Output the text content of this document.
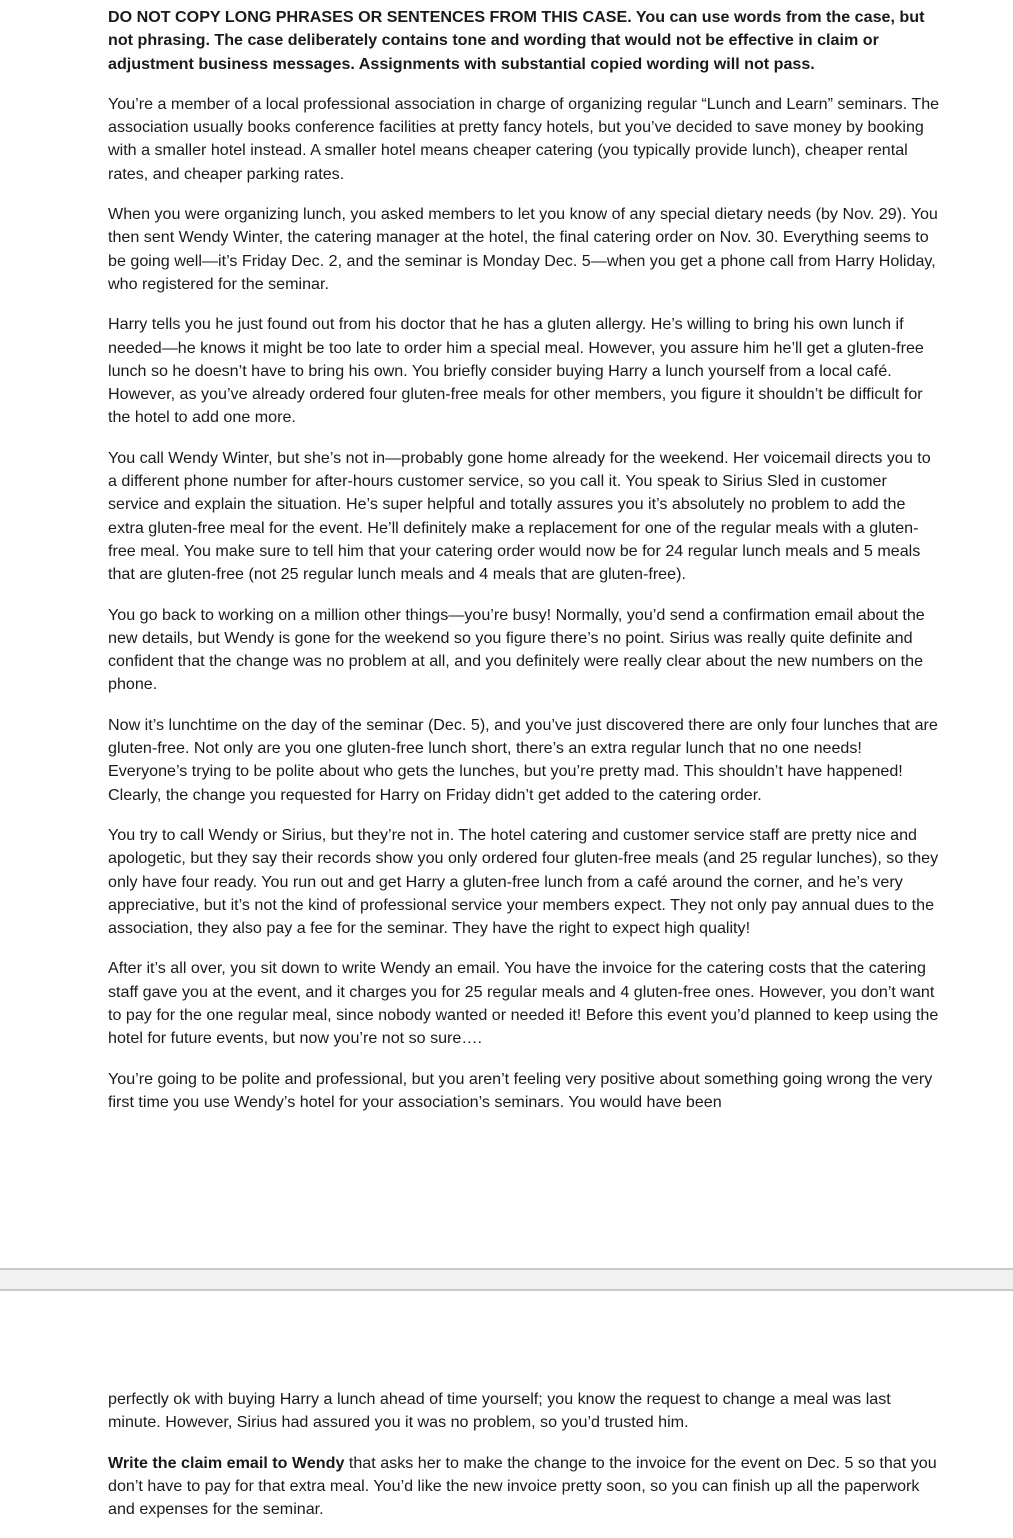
DO NOT COPY LONG PHRASES OR SENTENCES FROM THIS CASE. You can use words from the case, but not phrasing. The case deliberately contains tone and wording that would not be effective in claim or adjustment business messages. Assignments with substantial copied wording will not pass.

You’re a member of a local professional association in charge of organizing regular “Lunch and Learn” seminars. The association usually books conference facilities at pretty fancy hotels, but you’ve decided to save money by booking with a smaller hotel instead. A smaller hotel means cheaper catering (you typically provide lunch), cheaper rental rates, and cheaper parking rates.

When you were organizing lunch, you asked members to let you know of any special dietary needs (by Nov. 29). You then sent Wendy Winter, the catering manager at the hotel, the final catering order on Nov. 30. Everything seems to be going well—it’s Friday Dec. 2, and the seminar is Monday Dec. 5—when you get a phone call from Harry Holiday, who registered for the seminar.

Harry tells you he just found out from his doctor that he has a gluten allergy. He’s willing to bring his own lunch if needed—he knows it might be too late to order him a special meal. However, you assure him he’ll get a gluten-free lunch so he doesn’t have to bring his own. You briefly consider buying Harry a lunch yourself from a local café. However, as you’ve already ordered four gluten-free meals for other members, you figure it shouldn’t be difficult for the hotel to add one more.

You call Wendy Winter, but she’s not in—probably gone home already for the weekend. Her voicemail directs you to a different phone number for after-hours customer service, so you call it. You speak to Sirius Sled in customer service and explain the situation. He’s super helpful and totally assures you it’s absolutely no problem to add the extra gluten-free meal for the event. He’ll definitely make a replacement for one of the regular meals with a gluten-free meal. You make sure to tell him that your catering order would now be for 24 regular lunch meals and 5 meals that are gluten-free (not 25 regular lunch meals and 4 meals that are gluten-free).

You go back to working on a million other things—you’re busy! Normally, you’d send a confirmation email about the new details, but Wendy is gone for the weekend so you figure there’s no point. Sirius was really quite definite and confident that the change was no problem at all, and you definitely were really clear about the new numbers on the phone.

Now it’s lunchtime on the day of the seminar (Dec. 5), and you’ve just discovered there are only four lunches that are gluten-free. Not only are you one gluten-free lunch short, there’s an extra regular lunch that no one needs! Everyone’s trying to be polite about who gets the lunches, but you’re pretty mad. This shouldn’t have happened! Clearly, the change you requested for Harry on Friday didn’t get added to the catering order.

You try to call Wendy or Sirius, but they’re not in. The hotel catering and customer service staff are pretty nice and apologetic, but they say their records show you only ordered four gluten-free meals (and 25 regular lunches), so they only have four ready. You run out and get Harry a gluten-free lunch from a café around the corner, and he’s very appreciative, but it’s not the kind of professional service your members expect. They not only pay annual dues to the association, they also pay a fee for the seminar. They have the right to expect high quality!

After it’s all over, you sit down to write Wendy an email. You have the invoice for the catering costs that the catering staff gave you at the event, and it charges you for 25 regular meals and 4 gluten-free ones. However, you don’t want to pay for the one regular meal, since nobody wanted or needed it! Before this event you’d planned to keep using the hotel for future events, but now you’re not so sure….

You’re going to be polite and professional, but you aren’t feeling very positive about something going wrong the very first time you use Wendy’s hotel for your association’s seminars. You would have been

perfectly ok with buying Harry a lunch ahead of time yourself; you know the request to change a meal was last minute. However, Sirius had assured you it was no problem, so you’d trusted him.

Write the claim email to Wendy that asks her to make the change to the invoice for the event on Dec. 5 so that you don’t have to pay for that extra meal. You’d like the new invoice pretty soon, so you can finish up all the paperwork and expenses for the seminar.
